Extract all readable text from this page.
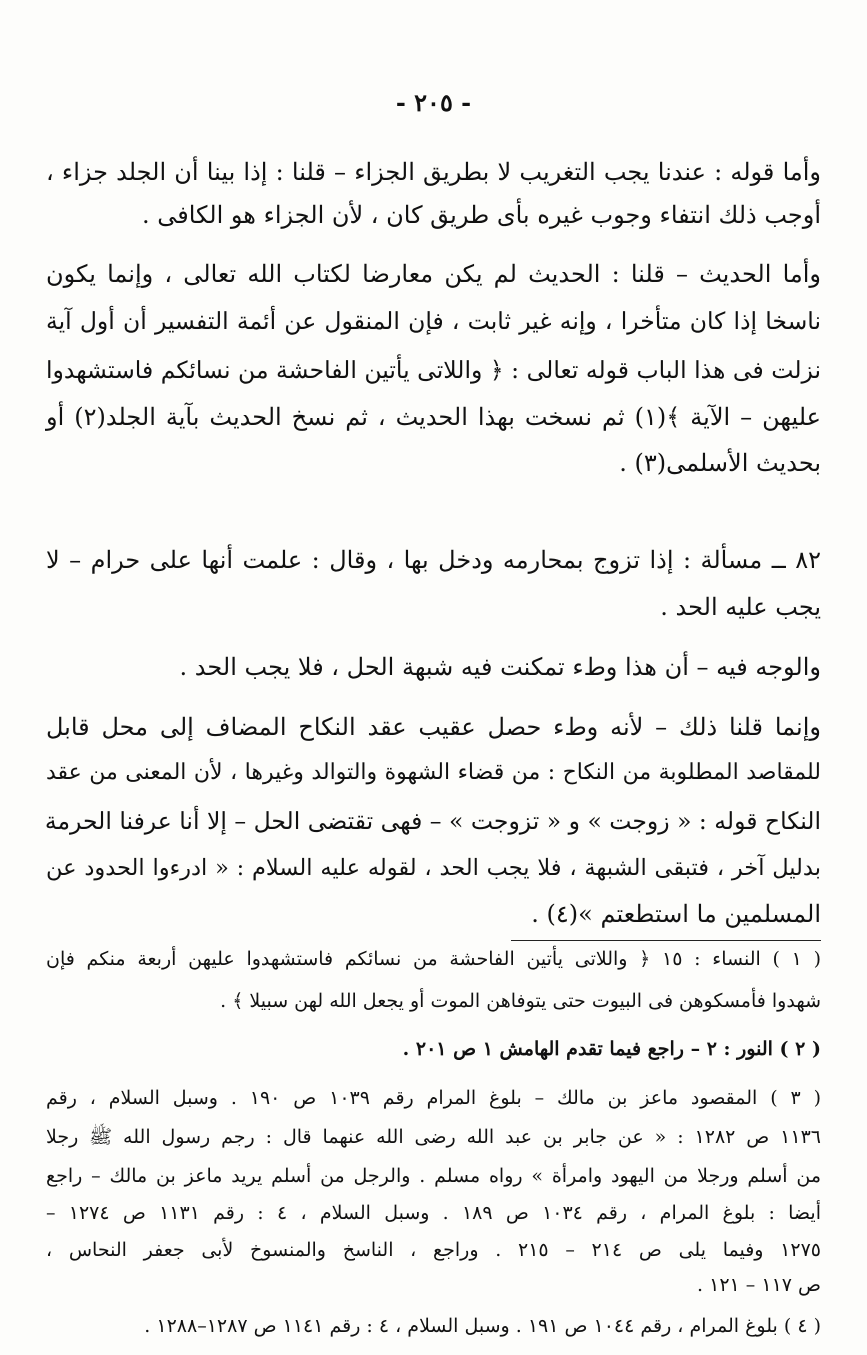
- ٢٠٥ -
وأما قوله : عندنا يجب التغريب لا بطريق الجزاء – قلنا : إذا بينا أن الجلد جزاء ،
أوجب ذلك انتفاء وجوب غيره بأى طريق كان ، لأن الجزاء هو الكافى .
وأما الحديث – قلنا : الحديث لم يكن معارضا لكتاب الله تعالى ، وإنما يكون
ناسخا إذا كان متأخرا ، وإنه غير ثابت ، فإن المنقول عن أئمة التفسير أن أول آية
نزلت فى هذا الباب قوله تعالى : ﴿ واللاتى يأتين الفاحشة من نسائكم فاستشهدوا
عليهن – الآية ﴾(١) ثم نسخت بهذا الحديث ، ثم نسخ الحديث بآية الجلد(٢) أو
بحديث الأسلمى(٣) .
٨٢ ــ مسألة : إذا تزوج بمحارمه ودخل بها ، وقال : علمت أنها على حرام – لا
يجب عليه الحد .
والوجه فيه – أن هذا وطء تمكنت فيه شبهة الحل ، فلا يجب الحد .
وإنما قلنا ذلك – لأنه وطء حصل عقيب عقد النكاح المضاف إلى محل قابل
للمقاصد المطلوبة من النكاح : من قضاء الشهوة والتوالد وغيرها ، لأن المعنى من عقد
النكاح قوله : « زوجت » و « تزوجت » – فهى تقتضى الحل – إلا أنا عرفنا الحرمة
بدليل آخر ، فتبقى الشبهة ، فلا يجب الحد ، لقوله عليه السلام : « ادرءوا الحدود عن
المسلمين ما استطعتم »(٤) .
( ١ ) النساء : ١٥ ﴿ واللاتى يأتين الفاحشة من نسائكم فاستشهدوا عليهن أربعة منكم فإن
شهدوا فأمسكوهن فى البيوت حتى يتوفاهن الموت أو يجعل الله لهن سبيلا ﴾ .
( ٢ ) النور : ٢ – راجع فيما تقدم الهامش ١ ص ٢٠١ .
( ٣ ) المقصود ماعز بن مالك – بلوغ المرام رقم ١٠٣٩ ص ١٩٠ . وسبل السلام ، رقم
١١٣٦ ص ١٢٨٢ : « عن جابر بن عبد الله رضى الله عنهما قال : رجم رسول الله ﷺ رجلا
من أسلم ورجلا من اليهود وامرأة » رواه مسلم . والرجل من أسلم يريد ماعز بن مالك – راجع
أيضا : بلوغ المرام ، رقم ١٠٣٤ ص ١٨٩ . وسبل السلام ، ٤ : رقم ١١٣١ ص ١٢٧٤ –
١٢٧٥ وفيما يلى ص ٢١٤ – ٢١٥ . وراجع ، الناسخ والمنسوخ لأبى جعفر النحاس ،
ص ١١٧ – ١٢١ .
( ٤ ) بلوغ المرام ، رقم ١٠٤٤ ص ١٩١ . وسبل السلام ، ٤ : رقم ١١٤١ ص ١٢٨٧–١٢٨٨ .
